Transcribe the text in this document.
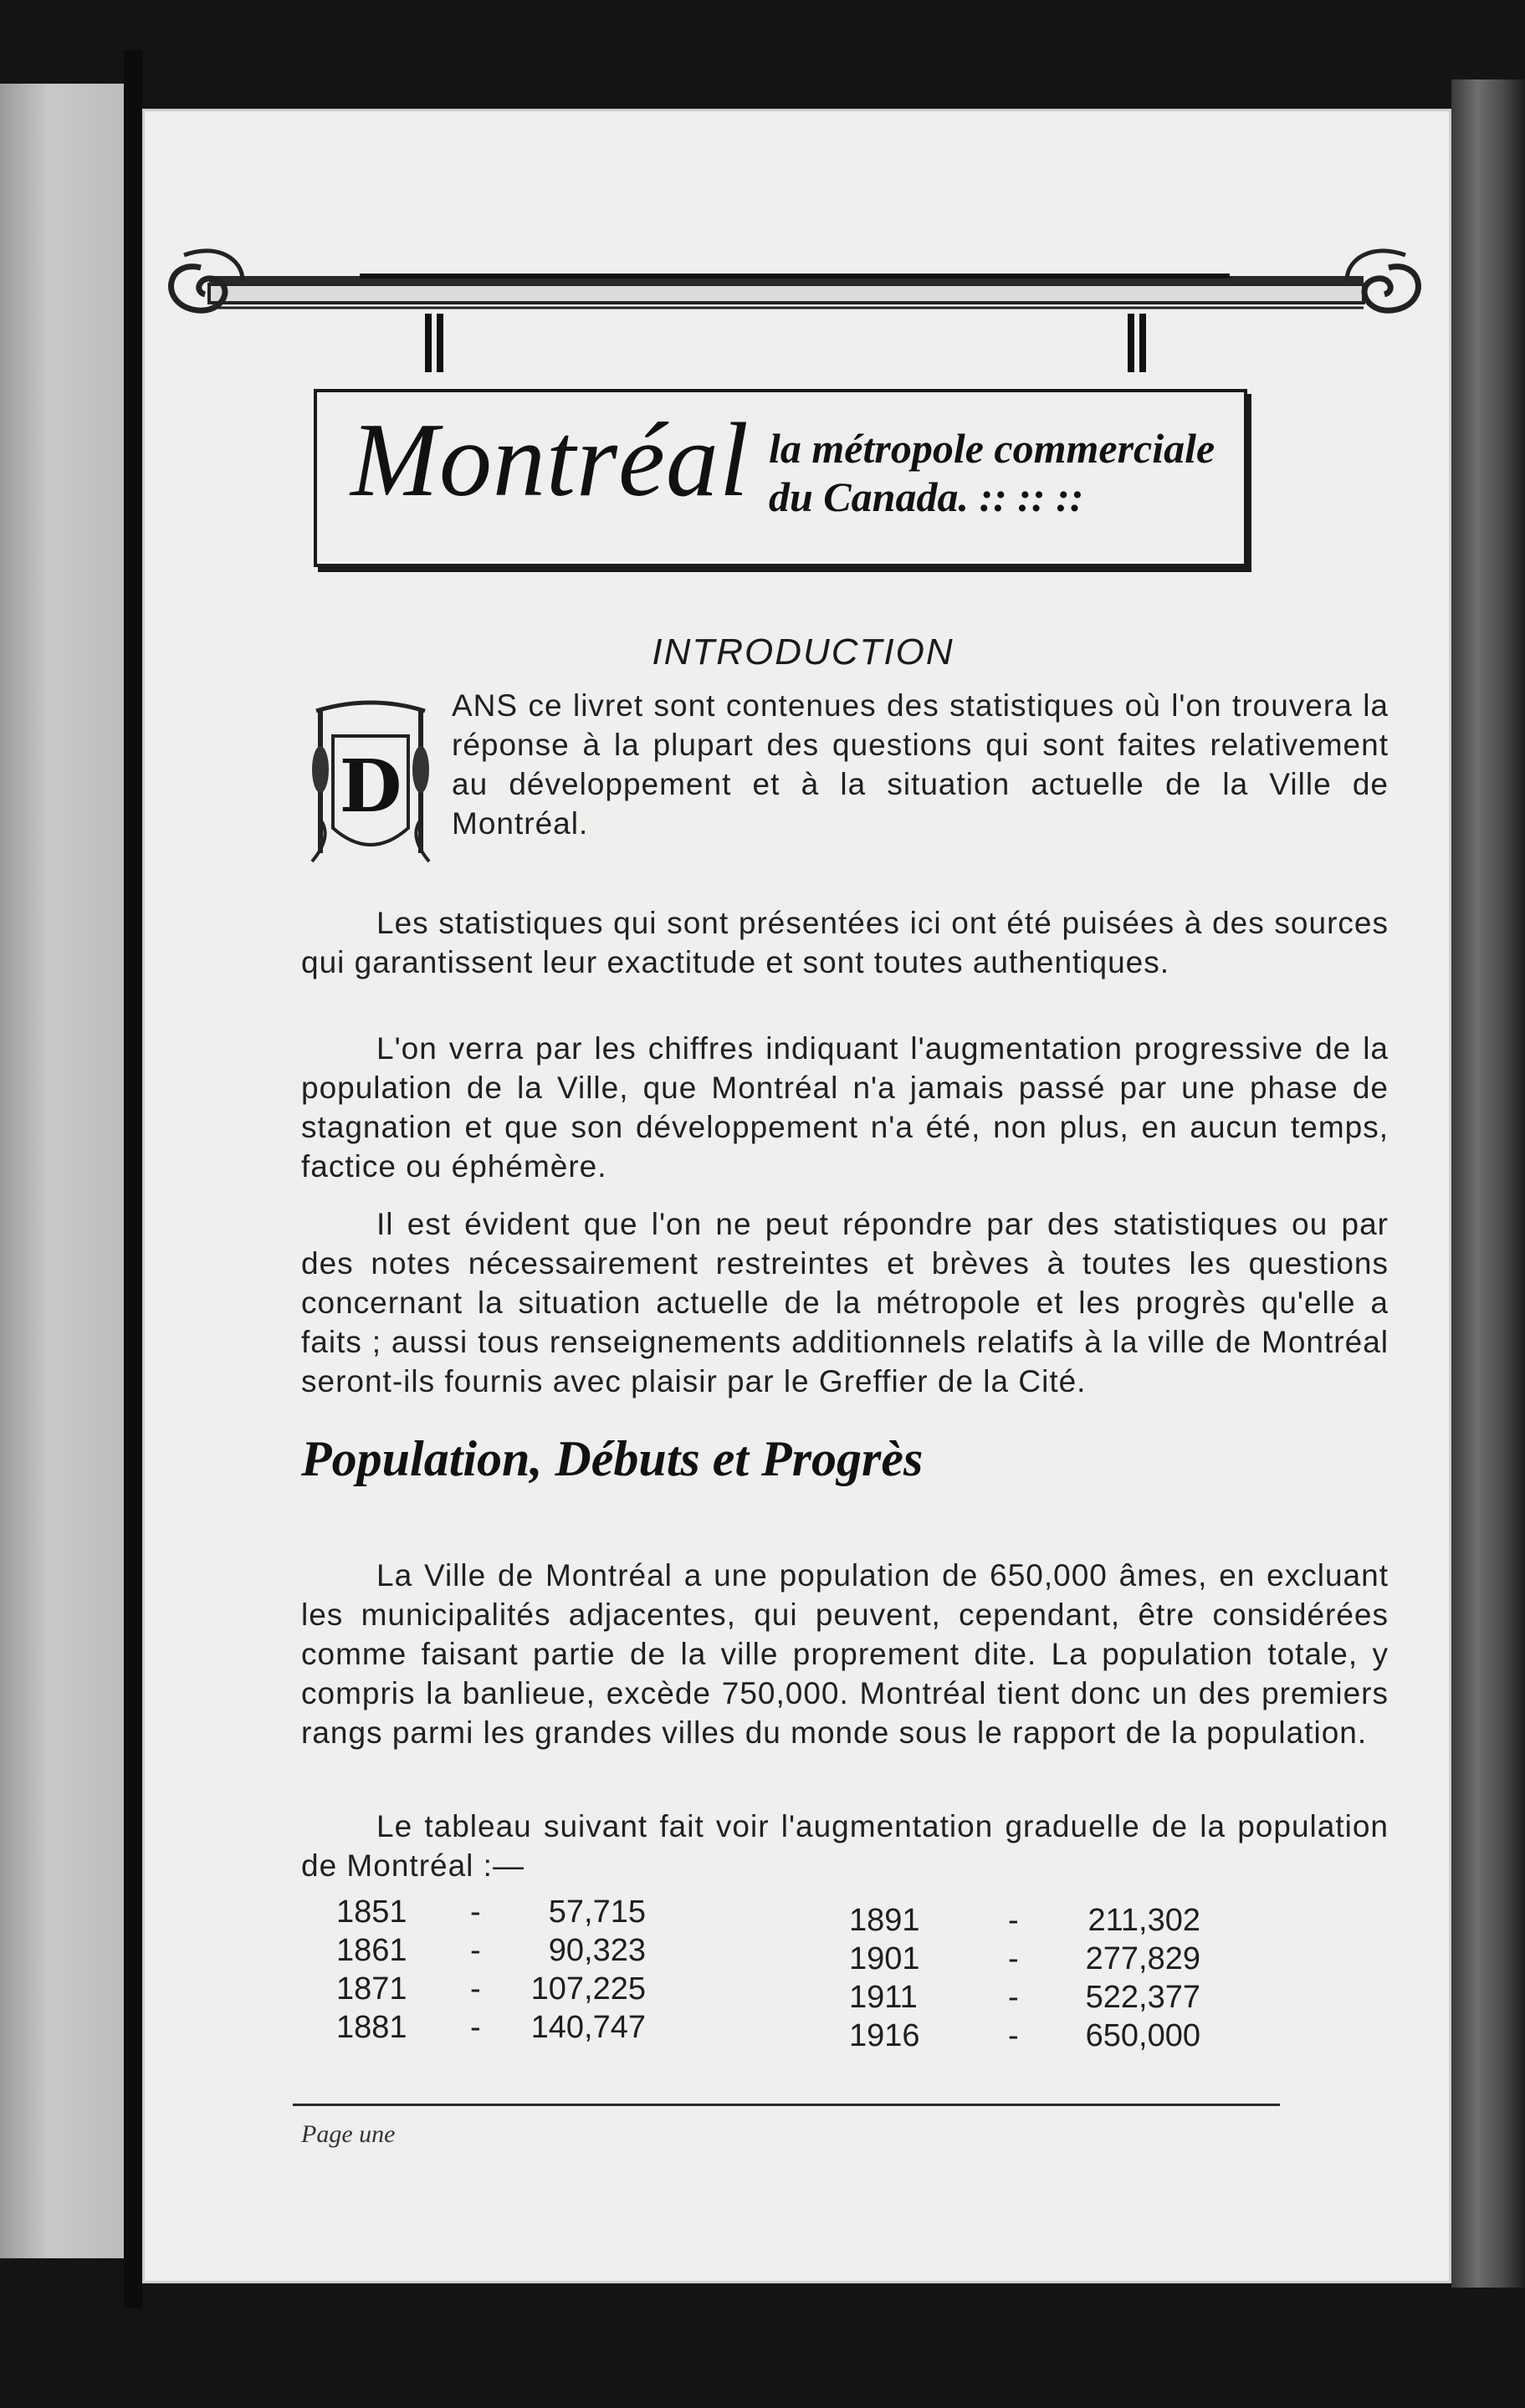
Montréal la métropole commerciale
du Canada. :: :: ::
INTRODUCTION
D
ANS ce livret sont contenues des statistiques où l'on trouvera la réponse à la plupart des questions qui sont faites relativement au développement et à la situation actuelle de la Ville de Montréal.
Les statistiques qui sont présentées ici ont été puisées à des sources qui garantissent leur exactitude et sont toutes authentiques.
L'on verra par les chiffres indiquant l'augmentation progressive de la population de la Ville, que Montréal n'a jamais passé par une phase de stagnation et que son développement n'a été, non plus, en aucun temps, factice ou éphémère.
Il est évident que l'on ne peut répondre par des statistiques ou par des notes nécessairement restreintes et brèves à toutes les questions concernant la situation actuelle de la métropole et les progrès qu'elle a faits ; aussi tous renseignements additionnels relatifs à la ville de Montréal seront-ils fournis avec plaisir par le Greffier de la Cité.
Population, Débuts et Progrès
La Ville de Montréal a une population de 650,000 âmes, en excluant les municipalités adjacentes, qui peuvent, cependant, être considérées comme faisant partie de la ville proprement dite. La population totale, y compris la banlieue, excède 750,000. Montréal tient donc un des premiers rangs parmi les grandes villes du monde sous le rapport de la population.
Le tableau suivant fait voir l'augmentation graduelle de la population de Montréal :—
1851 - 57,715
1861 - 90,323
1871 - 107,225
1881 - 140,747
1891	- 211,302
1901	- 277,829
1911	- 522,377
1916	- 650,000
Page une
